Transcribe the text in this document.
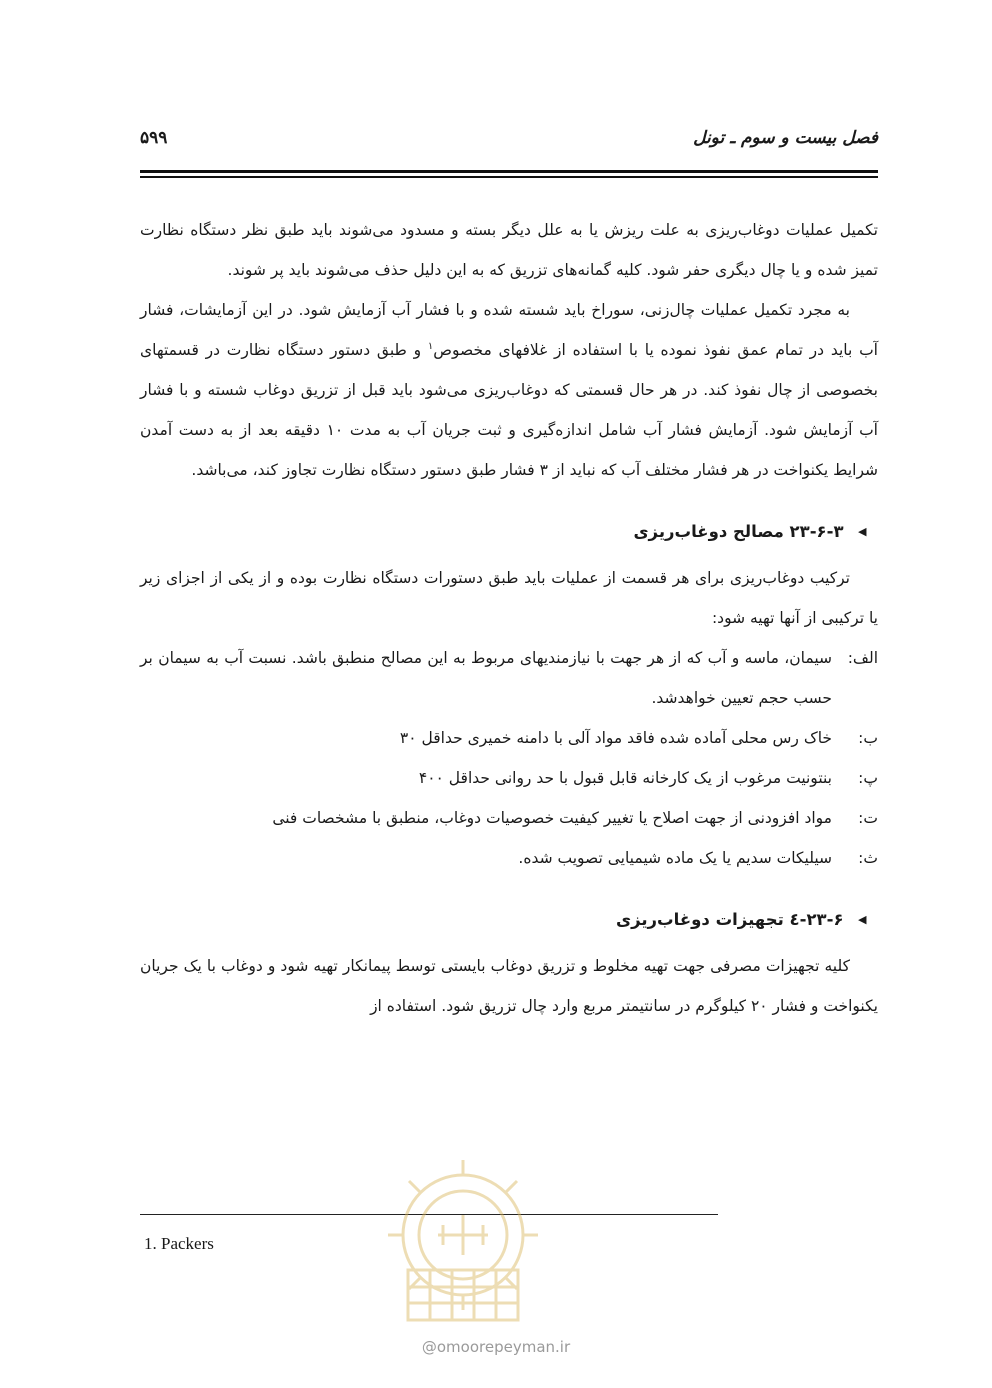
فصل بیست و سوم ـ تونل
۵۹۹

تکمیل عملیات دوغاب‌ریزی به علت ریزش یا به علل دیگر بسته و مسدود می‌شوند باید طبق نظر دستگاه نظارت تمیز شده و یا چال دیگری حفر شود. کلیه گمانه‌های تزریق که به این دلیل حذف می‌شوند باید پر شوند.

به مجرد تکمیل عملیات چال‌زنی، سوراخ باید شسته شده و با فشار آب آزمایش شود. در این آزمایشات، فشار آب باید در تمام عمق نفوذ نموده یا با استفاده از غلافهای مخصوص$^۱$ و طبق دستور دستگاه نظارت در قسمتهای بخصوصی از چال نفوذ کند. در هر حال قسمتی که دوغاب‌ریزی می‌شود باید قبل از تزریق دوغاب شسته و با فشار آب آزمایش شود. آزمایش فشار آب شامل اندازه‌گیری و ثبت جریان آب به مدت ۱۰ دقیقه بعد از به دست آمدن شرایط یکنواخت در هر فشار مختلف آب که نباید از ۳ فشار طبق دستور دستگاه نظارت تجاوز کند، می‌باشد.

▶
۲۳-۶-۳ مصالح دوغاب‌ریزی

ترکیب دوغاب‌ریزی برای هر قسمت از عملیات باید طبق دستورات دستگاه نظارت بوده و از یکی از اجزای زیر یا ترکیبی از آنها تهیه شود:

الف:
سیمان، ماسه و آب که از هر جهت با نیازمندیهای مربوط به این مصالح منطبق باشد. نسبت آب به سیمان بر حسب حجم تعیین خواهدشد.
ب:
خاک رس محلی آماده شده فاقد مواد آلی با دامنه خمیری حداقل ۳۰
پ:
بنتونیت مرغوب از یک کارخانه قابل قبول با حد روانی حداقل ۴۰۰
ت:
مواد افزودنی از جهت اصلاح یا تغییر کیفیت خصوصیات دوغاب، منطبق با مشخصات فنی
ث:
سیلیکات سدیم یا یک ماده شیمیایی تصویب شده.
▶
۲۳-۶-٤ تجهیزات دوغاب‌ریزی

کلیه تجهیزات مصرفی جهت تهیه مخلوط و تزریق دوغاب بایستی توسط پیمانکار تهیه شود و دوغاب با یک جریان یکنواخت و فشار ۲۰ کیلوگرم در سانتیمتر مربع وارد چال تزریق شود. استفاده از

1. Packers
@omoorepeyman.ir
